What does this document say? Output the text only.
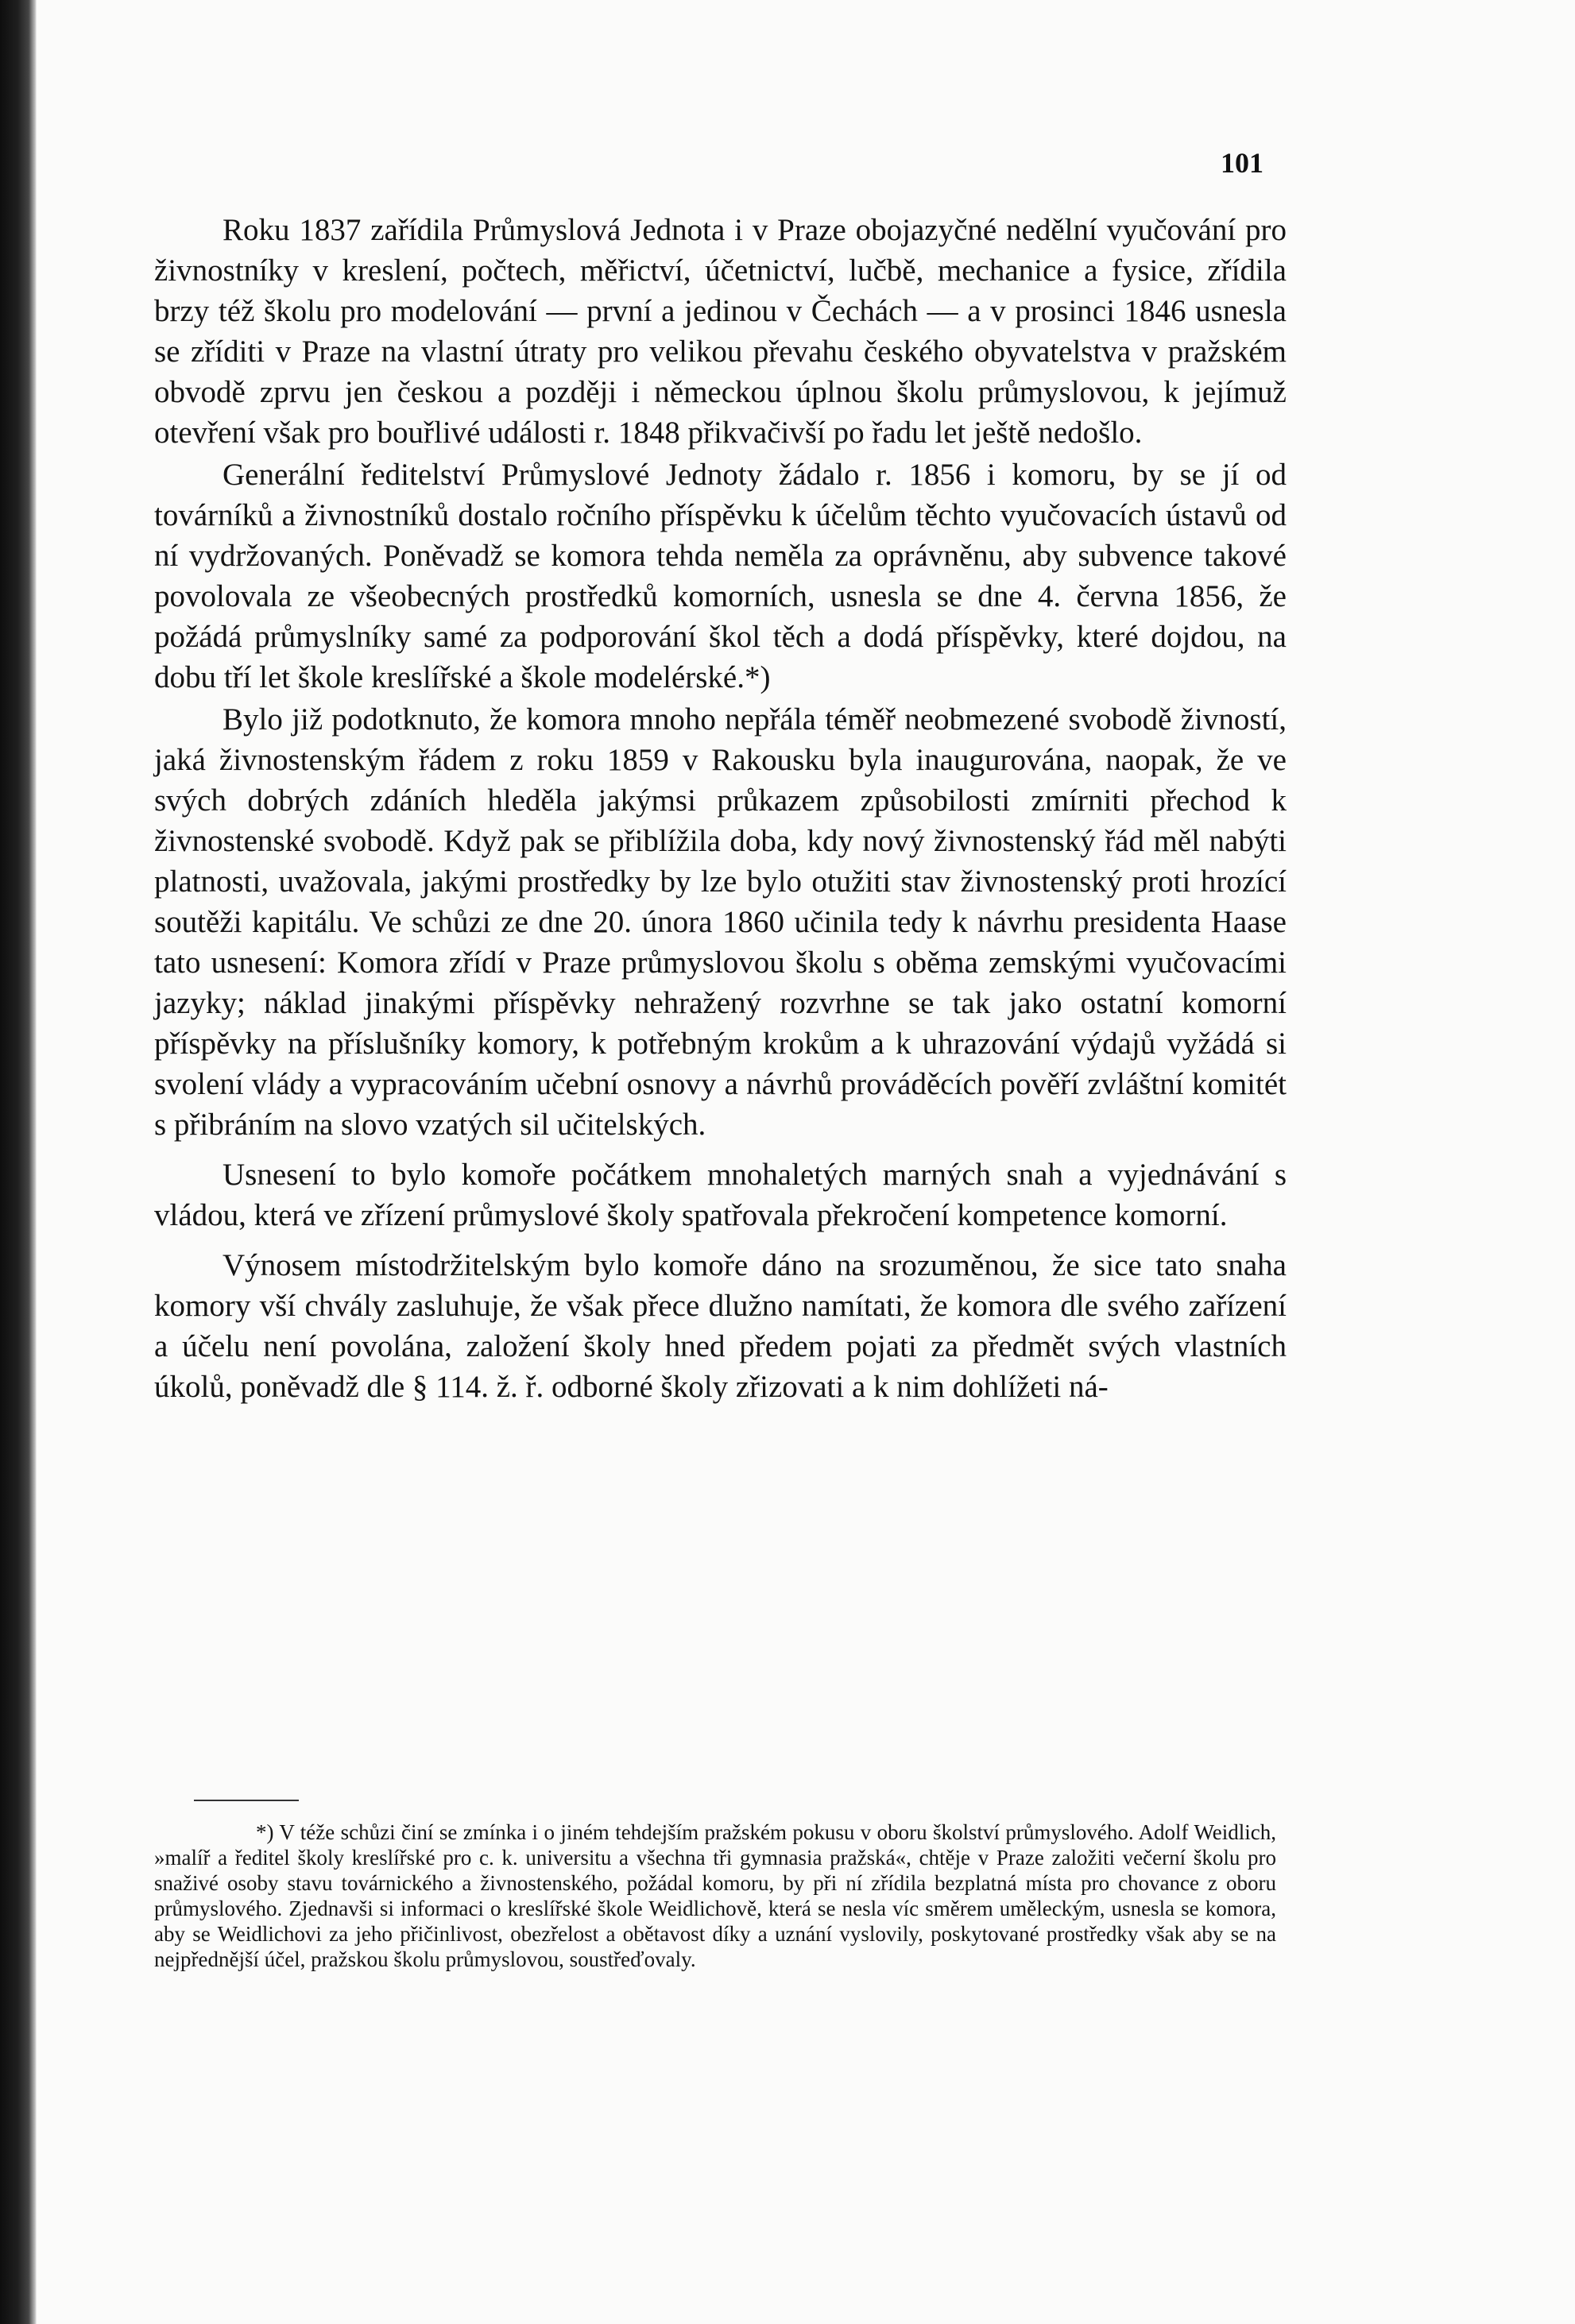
101

Roku 1837 zařídila Průmyslová Jednota i v Praze obojazyčné nedělní vyučování pro živnostníky v kreslení, počtech, měřictví, účetnictví, lučbě, mechanice a fysice, zřídila brzy též školu pro modelování — první a jedinou v Čechách — a v prosinci 1846 usnesla se zříditi v Praze na vlastní útraty pro velikou převahu českého obyvatelstva v pražském obvodě zprvu jen českou a později i německou úplnou školu průmyslovou, k jejímuž otevření však pro bouřlivé události r. 1848 přikvačivší po řadu let ještě nedošlo.

Generální ředitelství Průmyslové Jednoty žádalo r. 1856 i komoru, by se jí od továrníků a živnostníků dostalo ročního příspěvku k účelům těchto vyučovacích ústavů od ní vydržovaných. Poněvadž se komora tehda neměla za oprávněnu, aby subvence takové povolovala ze všeobecných prostředků komorních, usnesla se dne 4. června 1856, že požádá průmyslníky samé za podporování škol těch a dodá příspěvky, které dojdou, na dobu tří let škole kreslířské a škole modelérské.*)

Bylo již podotknuto, že komora mnoho nepřála téměř neobmezené svobodě živností, jaká živnostenským řádem z roku 1859 v Rakousku byla inaugurována, naopak, že ve svých dobrých zdáních hleděla jakýmsi průkazem způsobilosti zmírniti přechod k živnostenské svobodě. Když pak se přiblížila doba, kdy nový živnostenský řád měl nabýti platnosti, uvažovala, jakými prostředky by lze bylo otužiti stav živnostenský proti hrozící soutěži kapitálu. Ve schůzi ze dne 20. února 1860 učinila tedy k návrhu presidenta Haase tato usnesení: Komora zřídí v Praze průmyslovou školu s oběma zemskými vyučovacími jazyky; náklad jinakými příspěvky nehražený rozvrhne se tak jako ostatní komorní příspěvky na příslušníky komory, k potřebným krokům a k uhrazování výdajů vyžádá si svolení vlády a vypracováním učební osnovy a návrhů prováděcích pověří zvláštní komitét s přibráním na slovo vzatých sil učitelských.

Usnesení to bylo komoře počátkem mnohaletých marných snah a vyjednávání s vládou, která ve zřízení průmyslové školy spatřovala překročení kompetence komorní.

Výnosem místodržitelským bylo komoře dáno na srozuměnou, že sice tato snaha komory vší chvály zasluhuje, že však přece dlužno namítati, že komora dle svého zařízení a účelu není povolána, založení školy hned předem pojati za předmět svých vlastních úkolů, poněvadž dle § 114. ž. ř. odborné školy zřizovati a k nim dohlížeti ná-

*) V téže schůzi činí se zmínka i o jiném tehdejším pražském pokusu v oboru školství průmyslového. Adolf Weidlich, »malíř a ředitel školy kreslířské pro c. k. universitu a všechna tři gymnasia pražská«, chtěje v Praze založiti večerní školu pro snaživé osoby stavu továrnického a živnostenského, požádal komoru, by při ní zřídila bezplatná místa pro chovance z oboru průmyslového. Zjednavši si informaci o kreslířské škole Weidlichově, která se nesla víc směrem uměleckým, usnesla se komora, aby se Weidlichovi za jeho přičinlivost, obezřelost a obětavost díky a uznání vyslovily, poskytované prostředky však aby se na nejpřednější účel, pražskou školu průmyslovou, soustřeďovaly.
